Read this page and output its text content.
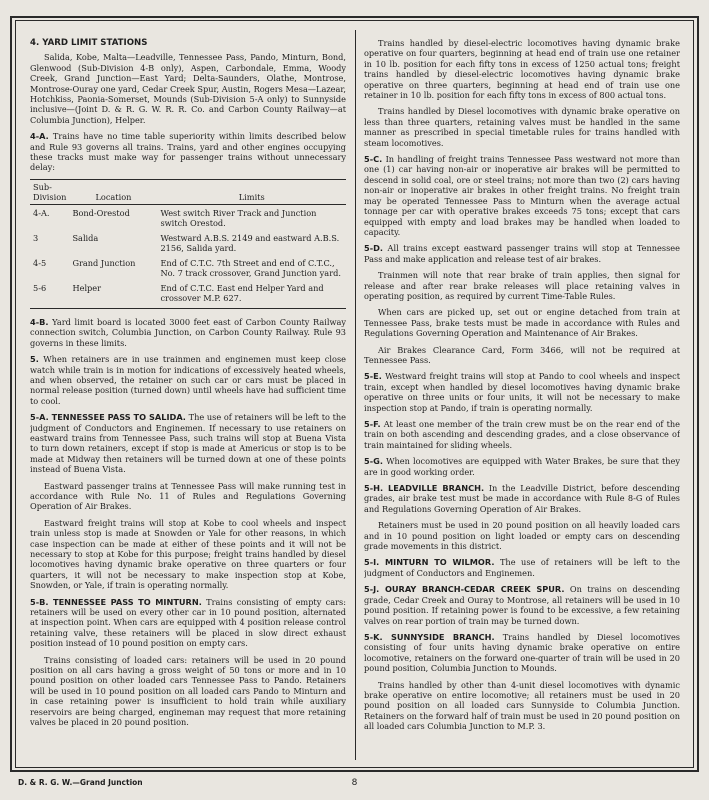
4. YARD LIMIT STATIONS

Salida, Kobe, Malta—Leadville, Tennessee Pass, Pando, Minturn, Bond, Glenwood (Sub-Division 4-B only), Aspen, Carbondale, Emma, Woody Creek, Grand Junction—East Yard; Delta-Saunders, Olathe, Montrose, Montrose-Ouray one yard, Cedar Creek Spur, Austin, Rogers Mesa—Lazear, Hotchkiss, Paonia-Somerset, Mounds (Sub-Division 5-A only) to Sunnyside inclusive—(Joint D. & R. G. W. R. R. Co. and Carbon County Railway—at Columbia Junction), Helper.

4-A. Trains have no time table superiority within limits described below and Rule 93 governs all trains. Trains, yard and other engines occupying these tracks must make way for passenger trains without unnecessary delay:

Sub-
Division	Location	Limits
4-A.	Bond-Orestod	West switch River Track and Junction switch Orestod.
3	Salida	Westward A.B.S. 2149 and eastward A.B.S. 2156, Salida yard.
4-5	Grand Junction	End of C.T.C. 7th Street and end of C.T.C., No. 7 track crossover, Grand Junction yard.
5-6	Helper	End of C.T.C. East end Helper Yard and crossover M.P. 627.

4-B. Yard limit board is located 3000 feet east of Carbon County Railway connection switch, Columbia Junction, on Carbon County Railway. Rule 93 governs in these limits.

5. When retainers are in use trainmen and enginemen must keep close watch while train is in motion for indications of excessively heated wheels, and when observed, the retainer on such car or cars must be placed in normal release position (turned down) until wheels have had sufficient time to cool.

5-A. TENNESSEE PASS TO SALIDA. The use of retainers will be left to the judgment of Conductors and Enginemen. If necessary to use retainers on eastward trains from Tennessee Pass, such trains will stop at Buena Vista to turn down retainers, except if stop is made at Americus or stop is to be made at Midway then retainers will be turned down at one of these points instead of Buena Vista.

Eastward passenger trains at Tennessee Pass will make running test in accordance with Rule No. 11 of Rules and Regulations Governing Operation of Air Brakes.

Eastward freight trains will stop at Kobe to cool wheels and inspect train unless stop is made at Snowden or Yale for other reasons, in which case inspection can be made at either of these points and it will not be necessary to stop at Kobe for this purpose; freight trains handled by diesel locomotives having dynamic brake operative on three quarters or four quarters, it will not be necessary to make inspection stop at Kobe, Snowden, or Yale, if train is operating normally.

5-B. TENNESSEE PASS TO MINTURN. Trains consisting of empty cars: retainers will be used on every other car in 10 pound position, alternated at inspection point. When cars are equipped with 4 position release control retaining valve, these retainers will be placed in slow direct exhaust position instead of 10 pound position on empty cars.

Trains consisting of loaded cars: retainers will be used in 20 pound position on all cars having a gross weight of 50 tons or more and in 10 pound position on other loaded cars Tennessee Pass to Pando. Retainers will be used in 10 pound position on all loaded cars Pando to Minturn and in case retaining power is insufficient to hold train while auxiliary reservoirs are being charged, engineman may request that more retaining valves be placed in 20 pound position.

Trains handled by diesel-electric locomotives having dynamic brake operative on four quarters, beginning at head end of train use one retainer in 10 lb. position for each fifty tons in excess of 1250 actual tons; freight trains handled by diesel-electric locomotives having dynamic brake operative on three quarters, beginning at head end of train use one retainer in 10 lb. position for each fifty tons in excess of 800 actual tons.

Trains handled by Diesel locomotives with dynamic brake operative on less than three quarters, retaining valves must be handled in the same manner as prescribed in special timetable rules for trains handled with steam locomotives.

5-C. In handling of freight trains Tennessee Pass westward not more than one (1) car having non-air or inoperative air brakes will be permitted to descend in solid coal, ore or steel trains; not more than two (2) cars having non-air or inoperative air brakes in other freight trains. No freight train may be operated Tennessee Pass to Minturn when the average actual tonnage per car with operative brakes exceeds 75 tons; except that cars equipped with empty and load brakes may be handled when loaded to capacity.

5-D. All trains except eastward passenger trains will stop at Tennessee Pass and make application and release test of air brakes.

Trainmen will note that rear brake of train applies, then signal for release and after rear brake releases will place retaining valves in operating position, as required by current Time-Table Rules.

When cars are picked up, set out or engine detached from train at Tennessee Pass, brake tests must be made in accordance with Rules and Regulations Governing Operation and Maintenance of Air Brakes.

Air Brakes Clearance Card, Form 3466, will not be required at Tennessee Pass.

5-E. Westward freight trains will stop at Pando to cool wheels and inspect train, except when handled by diesel locomotives having dynamic brake operative on three units or four units, it will not be necessary to make inspection stop at Pando, if train is operating normally.

5-F. At least one member of the train crew must be on the rear end of the train on both ascending and descending grades, and a close observance of train maintained for sliding wheels.

5-G. When locomotives are equipped with Water Brakes, be sure that they are in good working order.

5-H. LEADVILLE BRANCH. In the Leadville District, before descending grades, air brake test must be made in accordance with Rule 8-G of Rules and Regulations Governing Operation of Air Brakes.

Retainers must be used in 20 pound position on all heavily loaded cars and in 10 pound position on light loaded or empty cars on descending grade movements in this district.

5-I. MINTURN TO WILMOR. The use of retainers will be left to the judgment of Conductors and Enginemen.

5-J. OURAY BRANCH-CEDAR CREEK SPUR. On trains on descending grade, Cedar Creek and Ouray to Montrose, all retainers will be used in 10 pound position. If retaining power is found to be excessive, a few retaining valves on rear portion of train may be turned down.

5-K. SUNNYSIDE BRANCH. Trains handled by Diesel locomotives consisting of four units having dynamic brake operative on entire locomotive, retainers on the forward one-quarter of train will be used in 20 pound position, Columbia Junction to Mounds.

Trains handled by other than 4-unit diesel locomotives with dynamic brake operative on entire locomotive; all retainers must be used in 20 pound position on all loaded cars Sunnyside to Columbia Junction. Retainers on the forward half of train must be used in 20 pound position on all loaded cars Columbia Junction to M.P. 3.

D. & R. G. W.—Grand Junction	8
